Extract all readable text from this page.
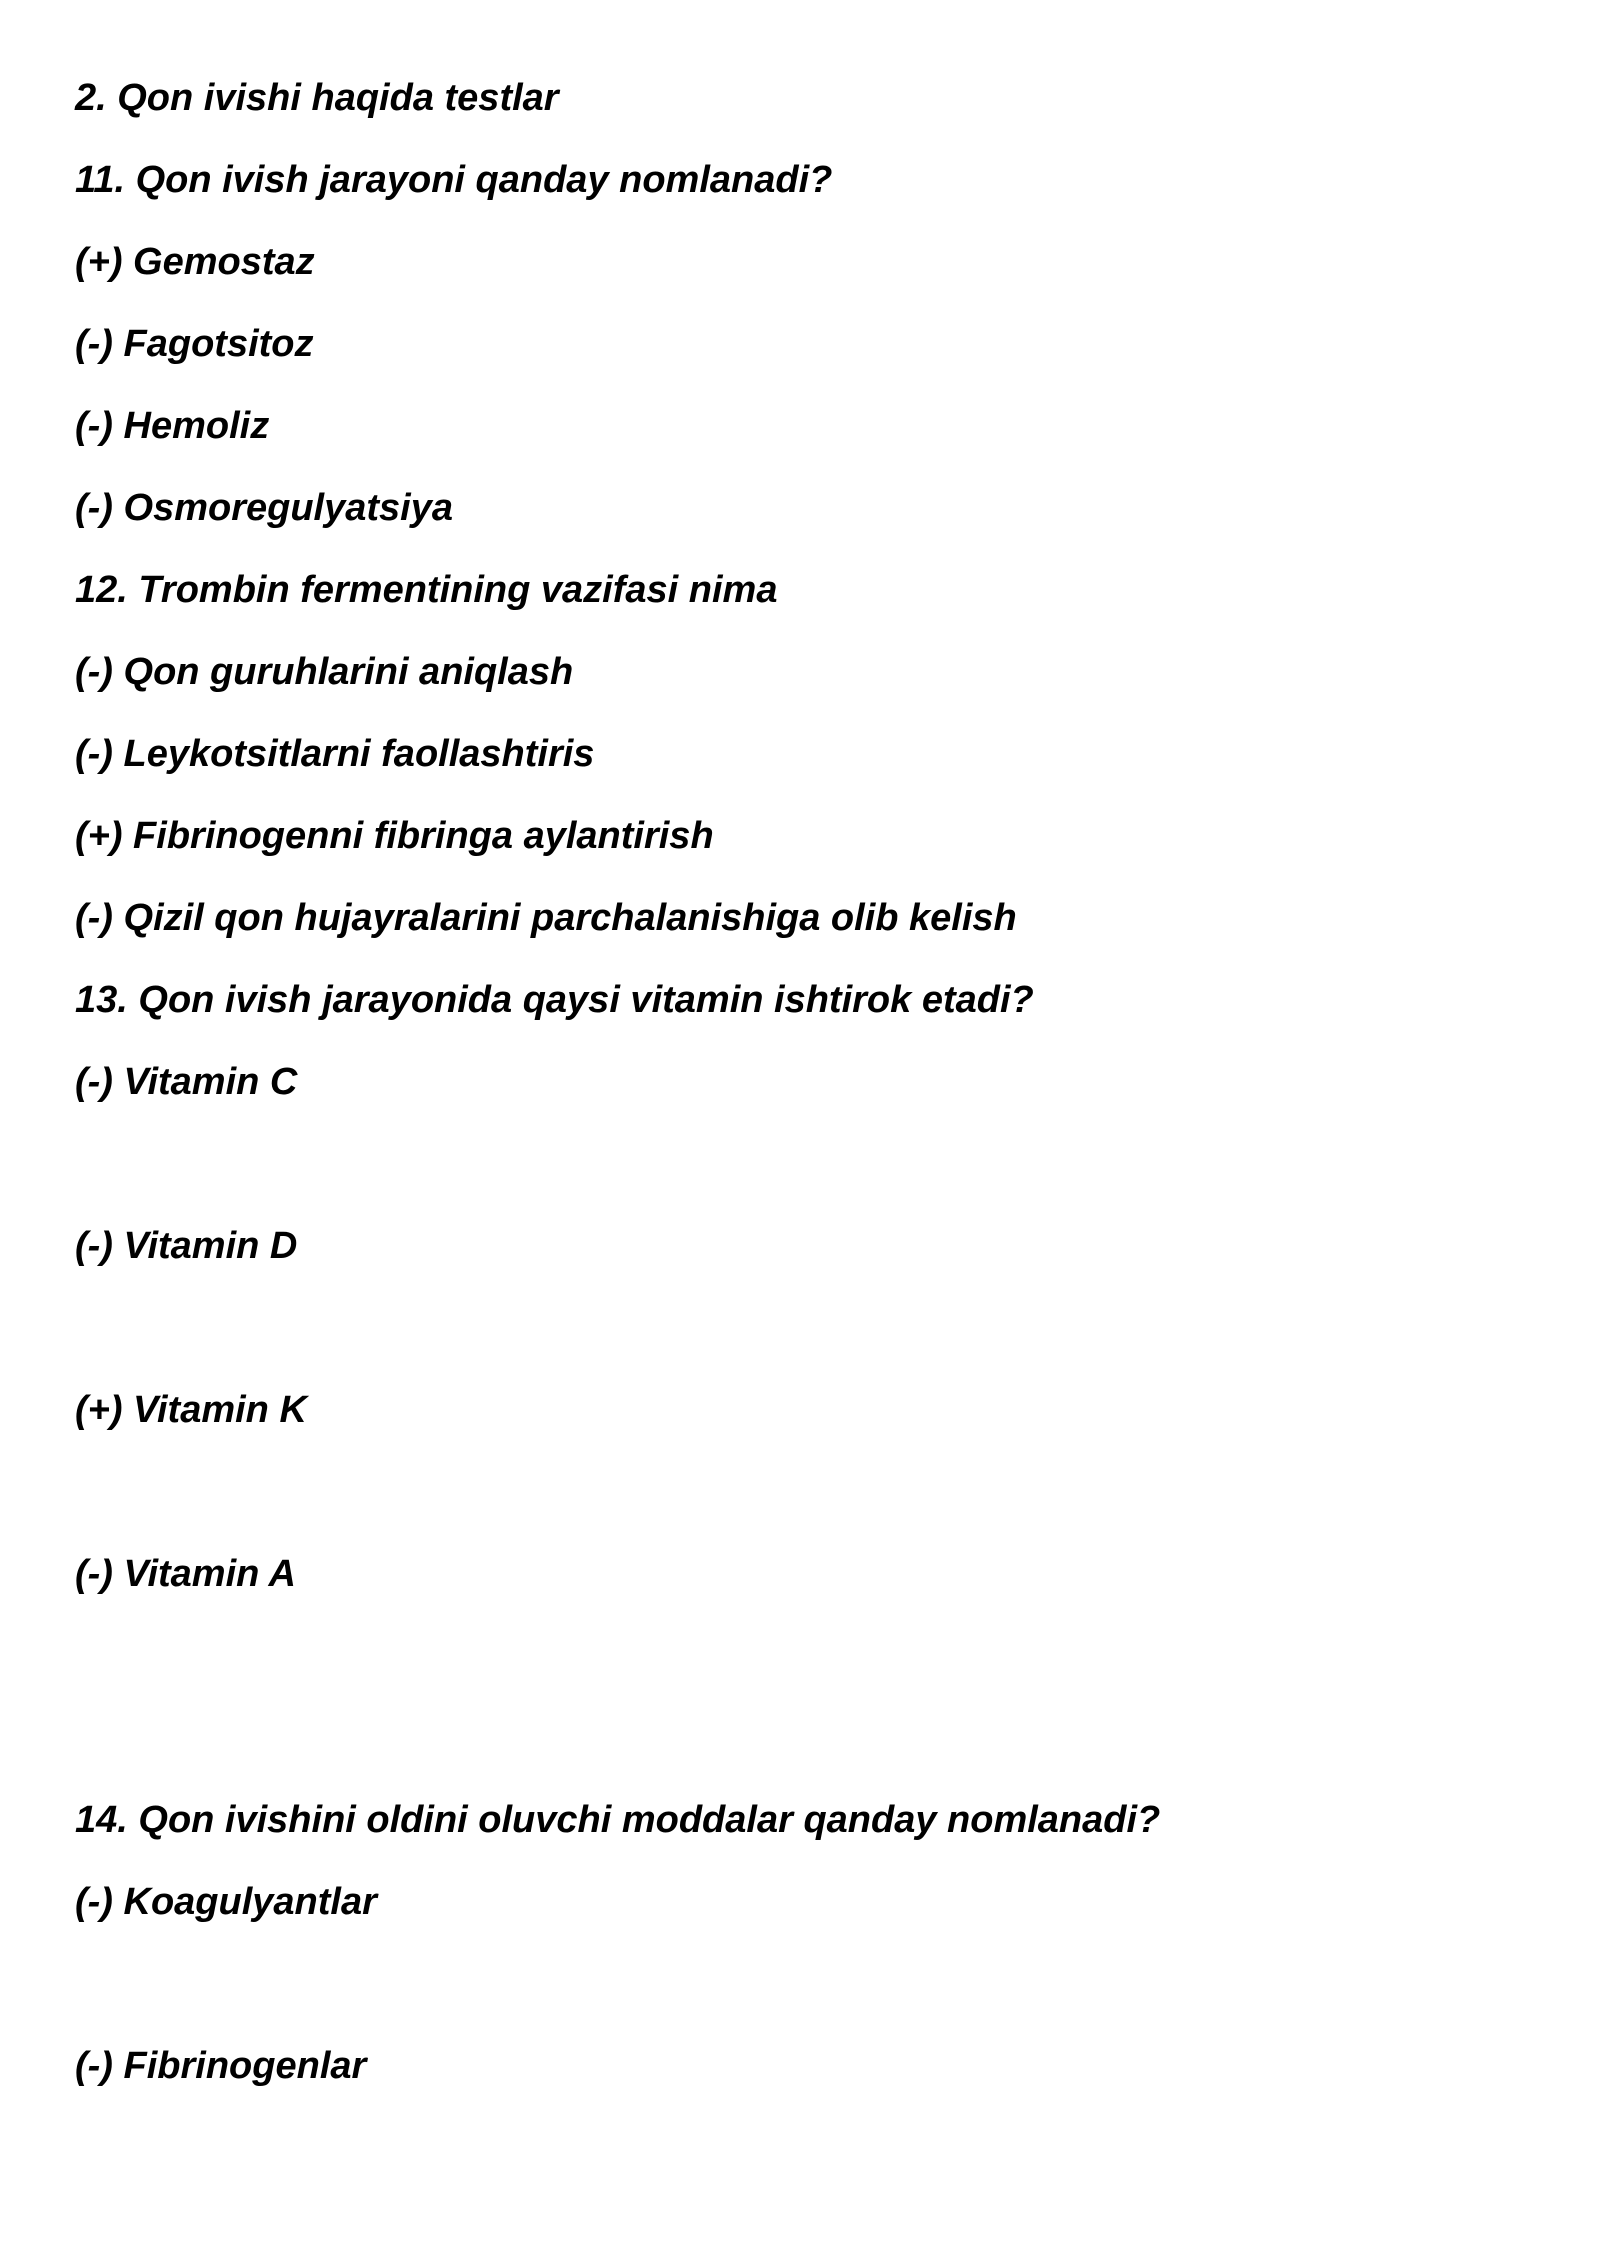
2. Qon ivishi haqida testlar

11. Qon ivish jarayoni qanday nomlanadi?

(+) Gemostaz

(-) Fagotsitoz

(-) Hemoliz

(-) Osmoregulyatsiya

12. Trombin fermentining vazifasi nima

(-) Qon guruhlarini aniqlash

(-) Leykotsitlarni faollashtiris

(+) Fibrinogenni fibringa aylantirish

(-) Qizil qon hujayralarini parchalanishiga olib kelish

13. Qon ivish jarayonida qaysi vitamin ishtirok etadi?

(-) Vitamin C

(-) Vitamin D

(+) Vitamin K

(-) Vitamin A

14. Qon ivishini oldini oluvchi moddalar qanday nomlanadi?

(-) Koagulyantlar

(-) Fibrinogenlar
